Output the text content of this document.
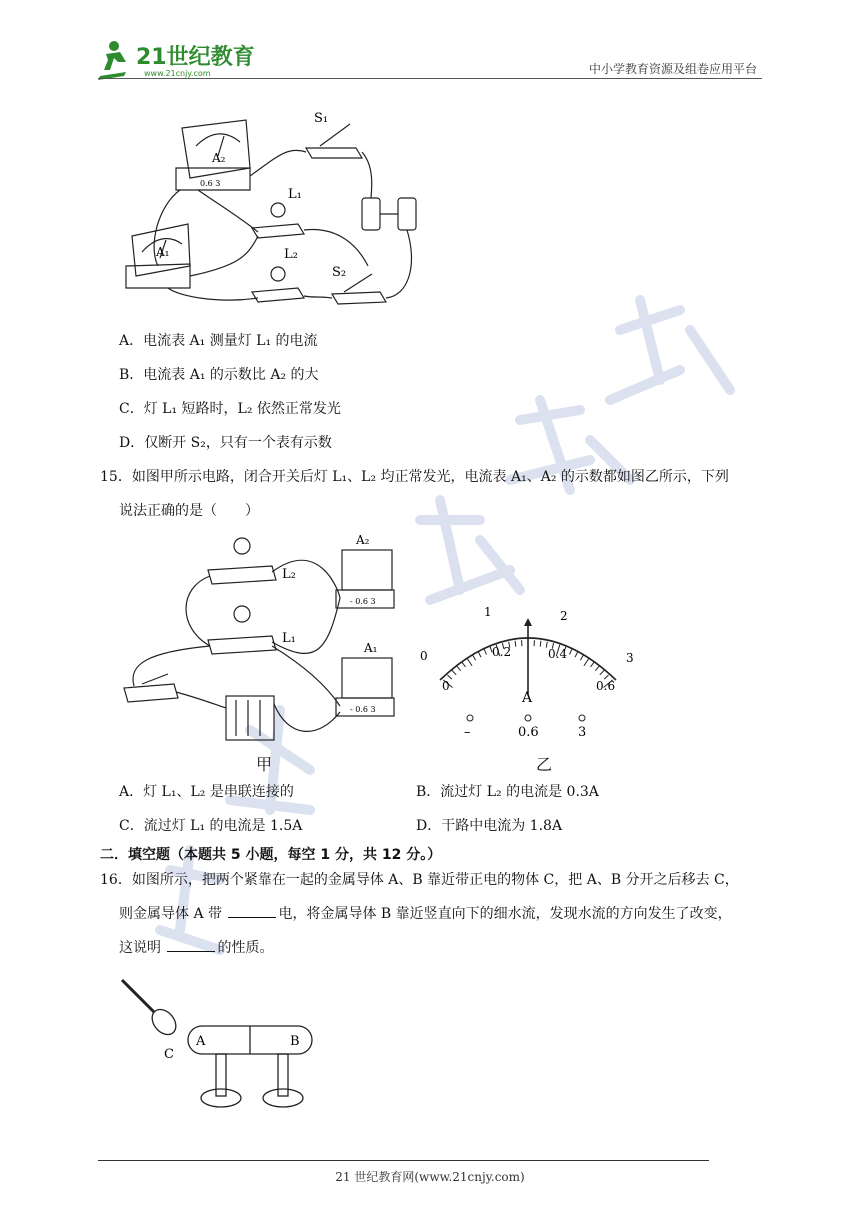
21世纪教育
www.21cnjy.com	中小学教育资源及组卷应用平台
S₁
A₂
0.6 3
L₁
A₁	L₂
S₂
A．电流表 A₁ 测量灯 L₁ 的电流
B．电流表 A₁ 的示数比 A₂ 的大
C．灯 L₁ 短路时，L₂ 依然正常发光
D．仅断开 S₂，只有一个表有示数
15．如图甲所示电路，闭合开关后灯 L₁、L₂ 均正常发光，电流表 A₁、A₂ 的示数都如图乙所示，下列
说法正确的是（　　）
A₂
L₂
- 0.6 3
L₁
A₁
- 0.6 3
0
1	2
3
0
0.2	0.4
0.6
A
–	0.6	3
甲	乙
A．灯 L₁、L₂ 是串联连接的	B．流过灯 L₂ 的电流是 0.3A
C．流过灯 L₁ 的电流是 1.5A	D．干路中电流为 1.8A
二．填空题（本题共 5 小题，每空 1 分，共 12 分。）
16．如图所示，把两个紧靠在一起的金属导体 A、B 靠近带正电的物体 C，把 A、B 分开之后移去 C，
则金属导体 A 带	电，将金属导体 B 靠近竖直向下的细水流，发现水流的方向发生了改变，
这说明	的性质。
C
A	B
21 世纪教育网(www.21cnjy.com)
